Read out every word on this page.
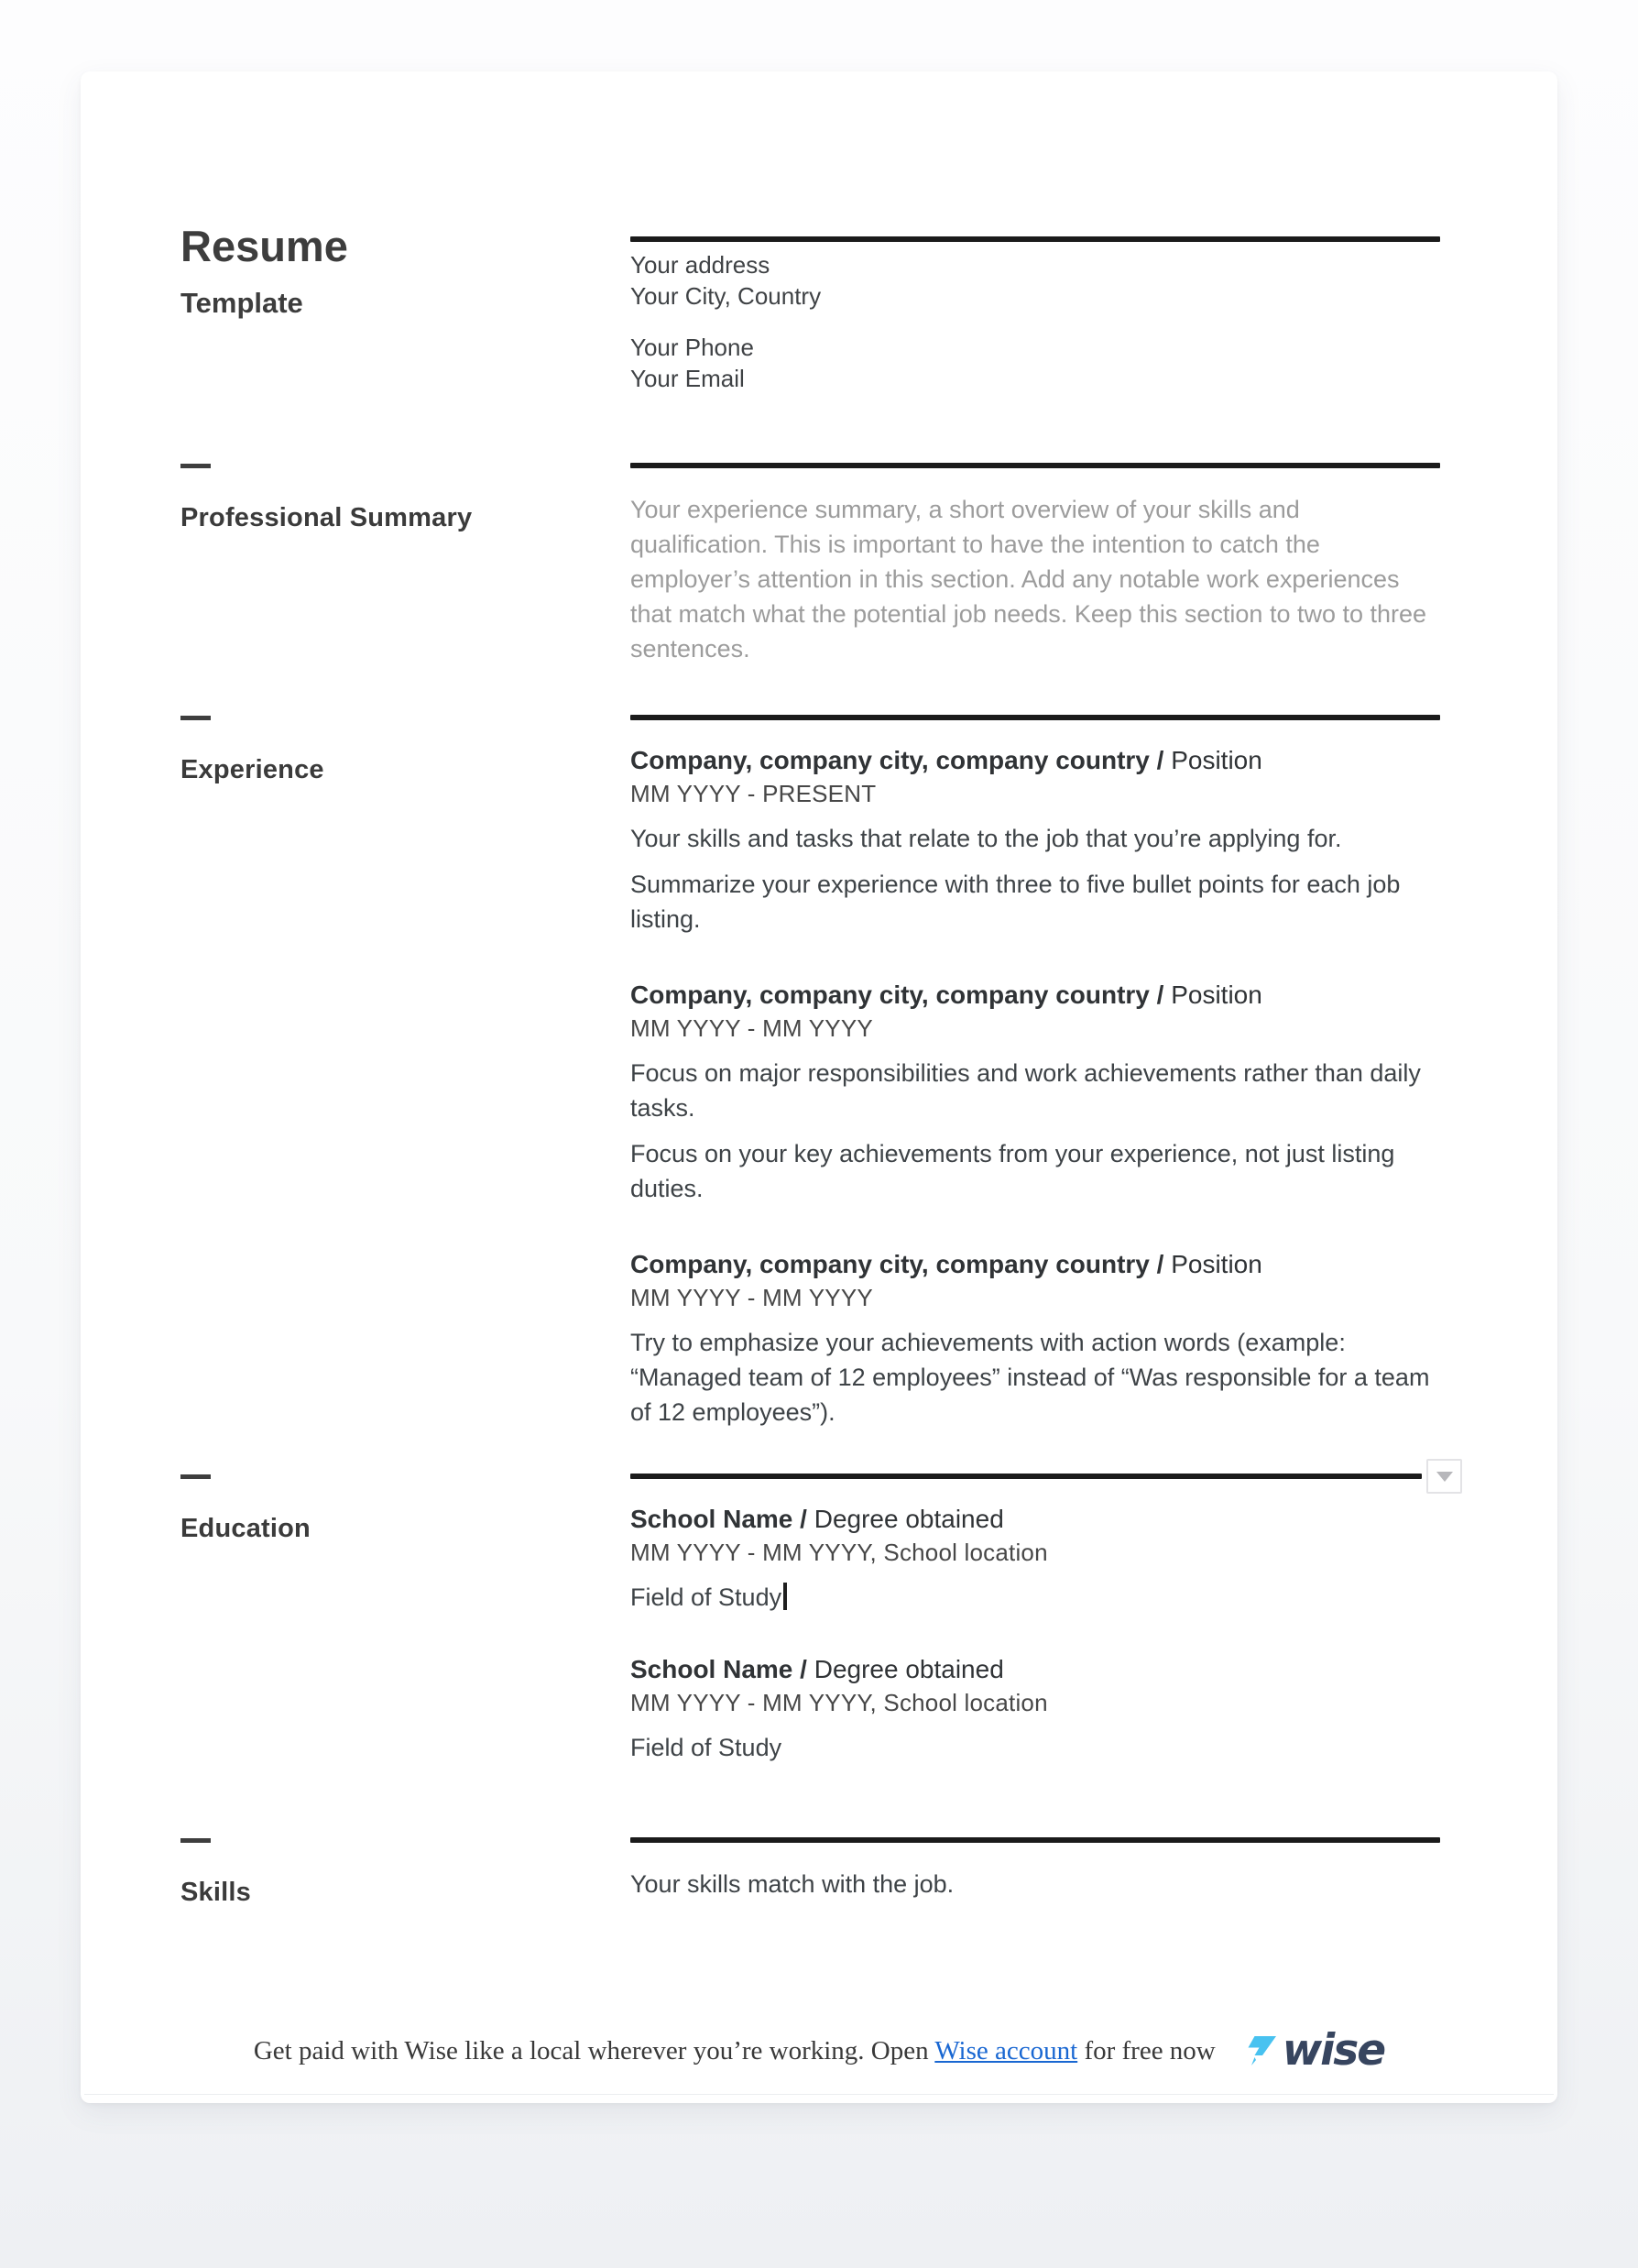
Resume
Template

Your address

Your City, Country

Your Phone

Your Email

Professional Summary	Your experience summary, a short overview of your skills and qualification. This is important to have the intention to catch the employer’s attention in this section. Add any notable work experiences that match what the potential job needs. Keep this section to two to three sentences.

Experience	Company, company city, company country / Position

MM YYYY - PRESENT

Your skills and tasks that relate to the job that you’re applying for.

Summarize your experience with three to five bullet points for each job listing.

Company, company city, company country / Position

MM YYYY - MM YYYY

Focus on major responsibilities and work achievements rather than daily tasks.

Focus on your key achievements from your experience, not just listing duties.

Company, company city, company country / Position

MM YYYY - MM YYYY

Try to emphasize your achievements with action words (example: “Managed team of 12 employees” instead of “Was responsible for a team of 12 employees”).

Education	School Name / Degree obtained

MM YYYY - MM YYYY, School location

Field of Study

School Name / Degree obtained

MM YYYY - MM YYYY, School location

Field of Study

Skills	Your skills match with the job.

Get paid with Wise like a local wherever you’re working. Open Wise account for free now wise
